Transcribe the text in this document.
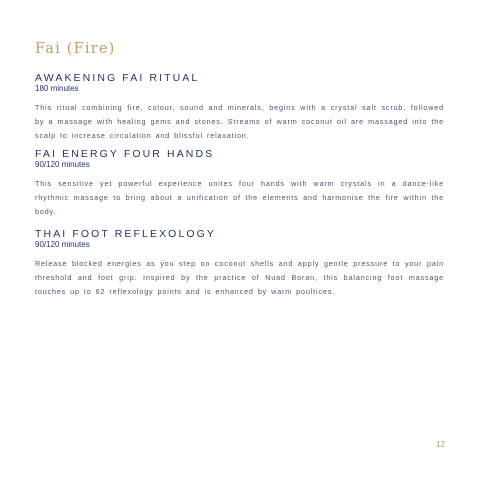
Fai (Fire)
AWAKENING FAI RITUAL

180 minutes

This ritual combining fire, colour, sound and minerals, begins with a crystal salt scrub, followed by a massage with healing gems and stones. Streams of warm coconut oil are massaged into the scalp to increase circulation and blissful relaxation.

FAI ENERGY FOUR HANDS

90/120 minutes

This sensitive yet powerful experience unites four hands with warm crystals in a dance-like rhythmic massage to bring about a unification of the elements and harmonise the fire within the body.

THAI FOOT REFLEXOLOGY

90/120 minutes

Release blocked energies as you step on coconut shells and apply gentle pressure to your pain threshold and foot grip. Inspired by the practice of Nuad Boran, this balancing foot massage touches up to 62 reflexology points and is enhanced by warm poultices.

12
